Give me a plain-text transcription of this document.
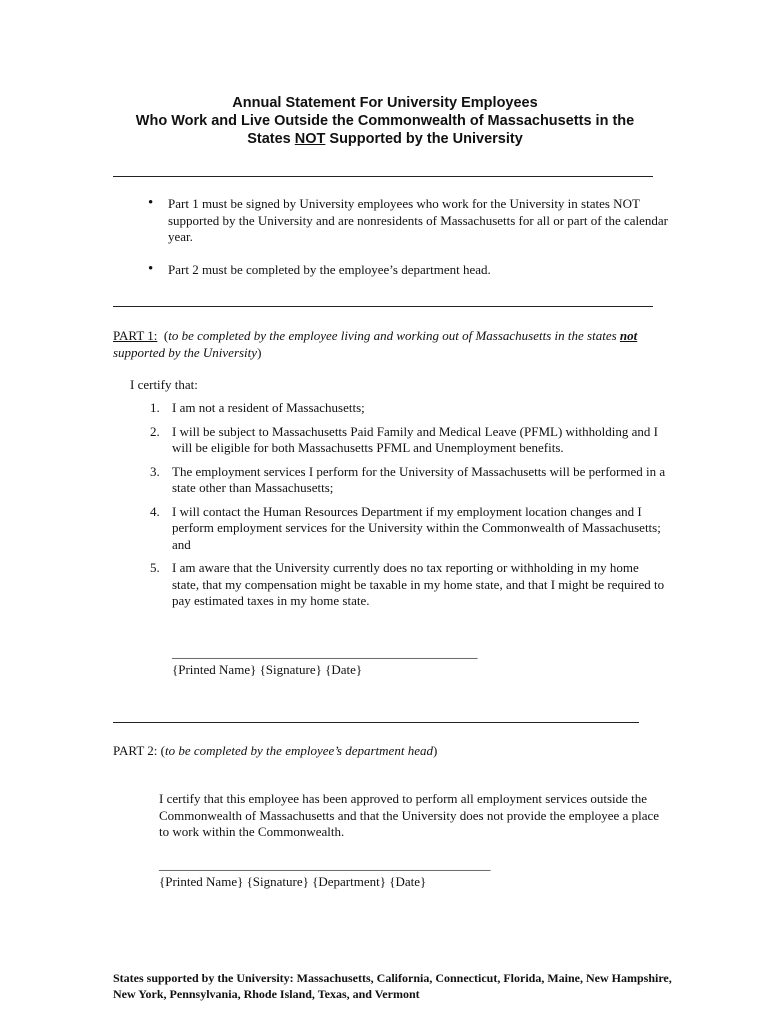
Annual Statement For University Employees
Who Work and Live Outside the Commonwealth of Massachusetts in the
States NOT Supported by the University

• Part 1 must be signed by University employees who work for the University in states NOT supported by the University and are nonresidents of Massachusetts for all or part of the calendar year.

• Part 2 must be completed by the employee’s department head.

PART 1: (to be completed by the employee living and working out of Massachusetts in the states not supported by the University)
I certify that:

1. I am not a resident of Massachusetts;

2. I will be subject to Massachusetts Paid Family and Medical Leave (PFML) withholding and I will be eligible for both Massachusetts PFML and Unemployment benefits.

3. The employment services I perform for the University of Massachusetts will be performed in a state other than Massachusetts;

4. I will contact the Human Resources Department if my employment location changes and I perform employment services for the University within the Commonwealth of Massachusetts; and

5. I am aware that the University currently does no tax reporting or withholding in my home state, that my compensation might be taxable in my home state, and that I might be required to pay estimated taxes in my home state.

_______________________________________________
{Printed Name} {Signature} {Date}
PART 2: (to be completed by the employee’s department head)
I certify that this employee has been approved to perform all employment services outside the Commonwealth of Massachusetts and that the University does not provide the employee a place to work within the Commonwealth.
___________________________________________________
{Printed Name} {Signature} {Department} {Date}
States supported by the University: Massachusetts, California, Connecticut, Florida, Maine, New Hampshire, New York, Pennsylvania, Rhode Island, Texas, and Vermont
